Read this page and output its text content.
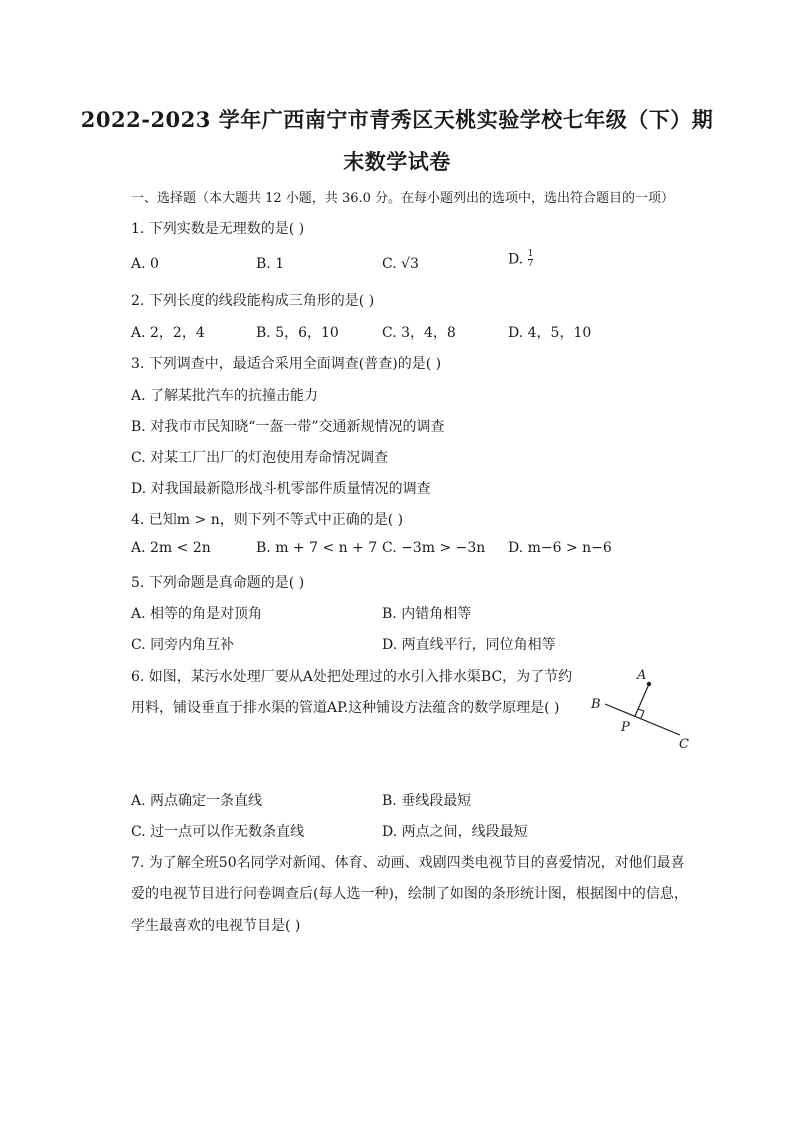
2022-2023 学年广西南宁市青秀区天桃实验学校七年级（下）期
末数学试卷
一、选择题（本大题共 12 小题，共 36.0 分。在每小题列出的选项中，选出符合题目的一项）
1. 下列实数是无理数的是( )
A. 0	B. 1	C. √3	D. $\frac{1}{7}$
2. 下列长度的线段能构成三角形的是( )
A. 2，2，4	B. 5，6，10	C. 3，4，8	D. 4，5，10
3. 下列调查中，最适合采用全面调查(普查)的是( )
A. 了解某批汽车的抗撞击能力
B. 对我市市民知晓“一盔一带”交通新规情况的调查
C. 对某工厂出厂的灯泡使用寿命情况调查
D. 对我国最新隐形战斗机零部件质量情况的调查
4. 已知m > n，则下列不等式中正确的是( )
A. 2m < 2n	B. m + 7 < n + 7 C. −3m > −3n D. m−6 > n−6
5. 下列命题是真命题的是( )
A. 相等的角是对顶角	B. 内错角相等
C. 同旁内角互补	D. 两直线平行，同位角相等
6. 如图，某污水处理厂要从A处把处理过的水引入排水渠BC，为了节约
用料，铺设垂直于排水渠的管道AP.这种铺设方法蕴含的数学原理是( )
A
B
P
C
A. 两点确定一条直线	B. 垂线段最短
C. 过一点可以作无数条直线	D. 两点之间，线段最短
7. 为了解全班50名同学对新闻、体育、动画、戏剧四类电视节目的喜爱情况，对他们最喜
爱的电视节目进行问卷调查后(每人选一种)，绘制了如图的条形统计图，根据图中的信息，
学生最喜欢的电视节目是( )
